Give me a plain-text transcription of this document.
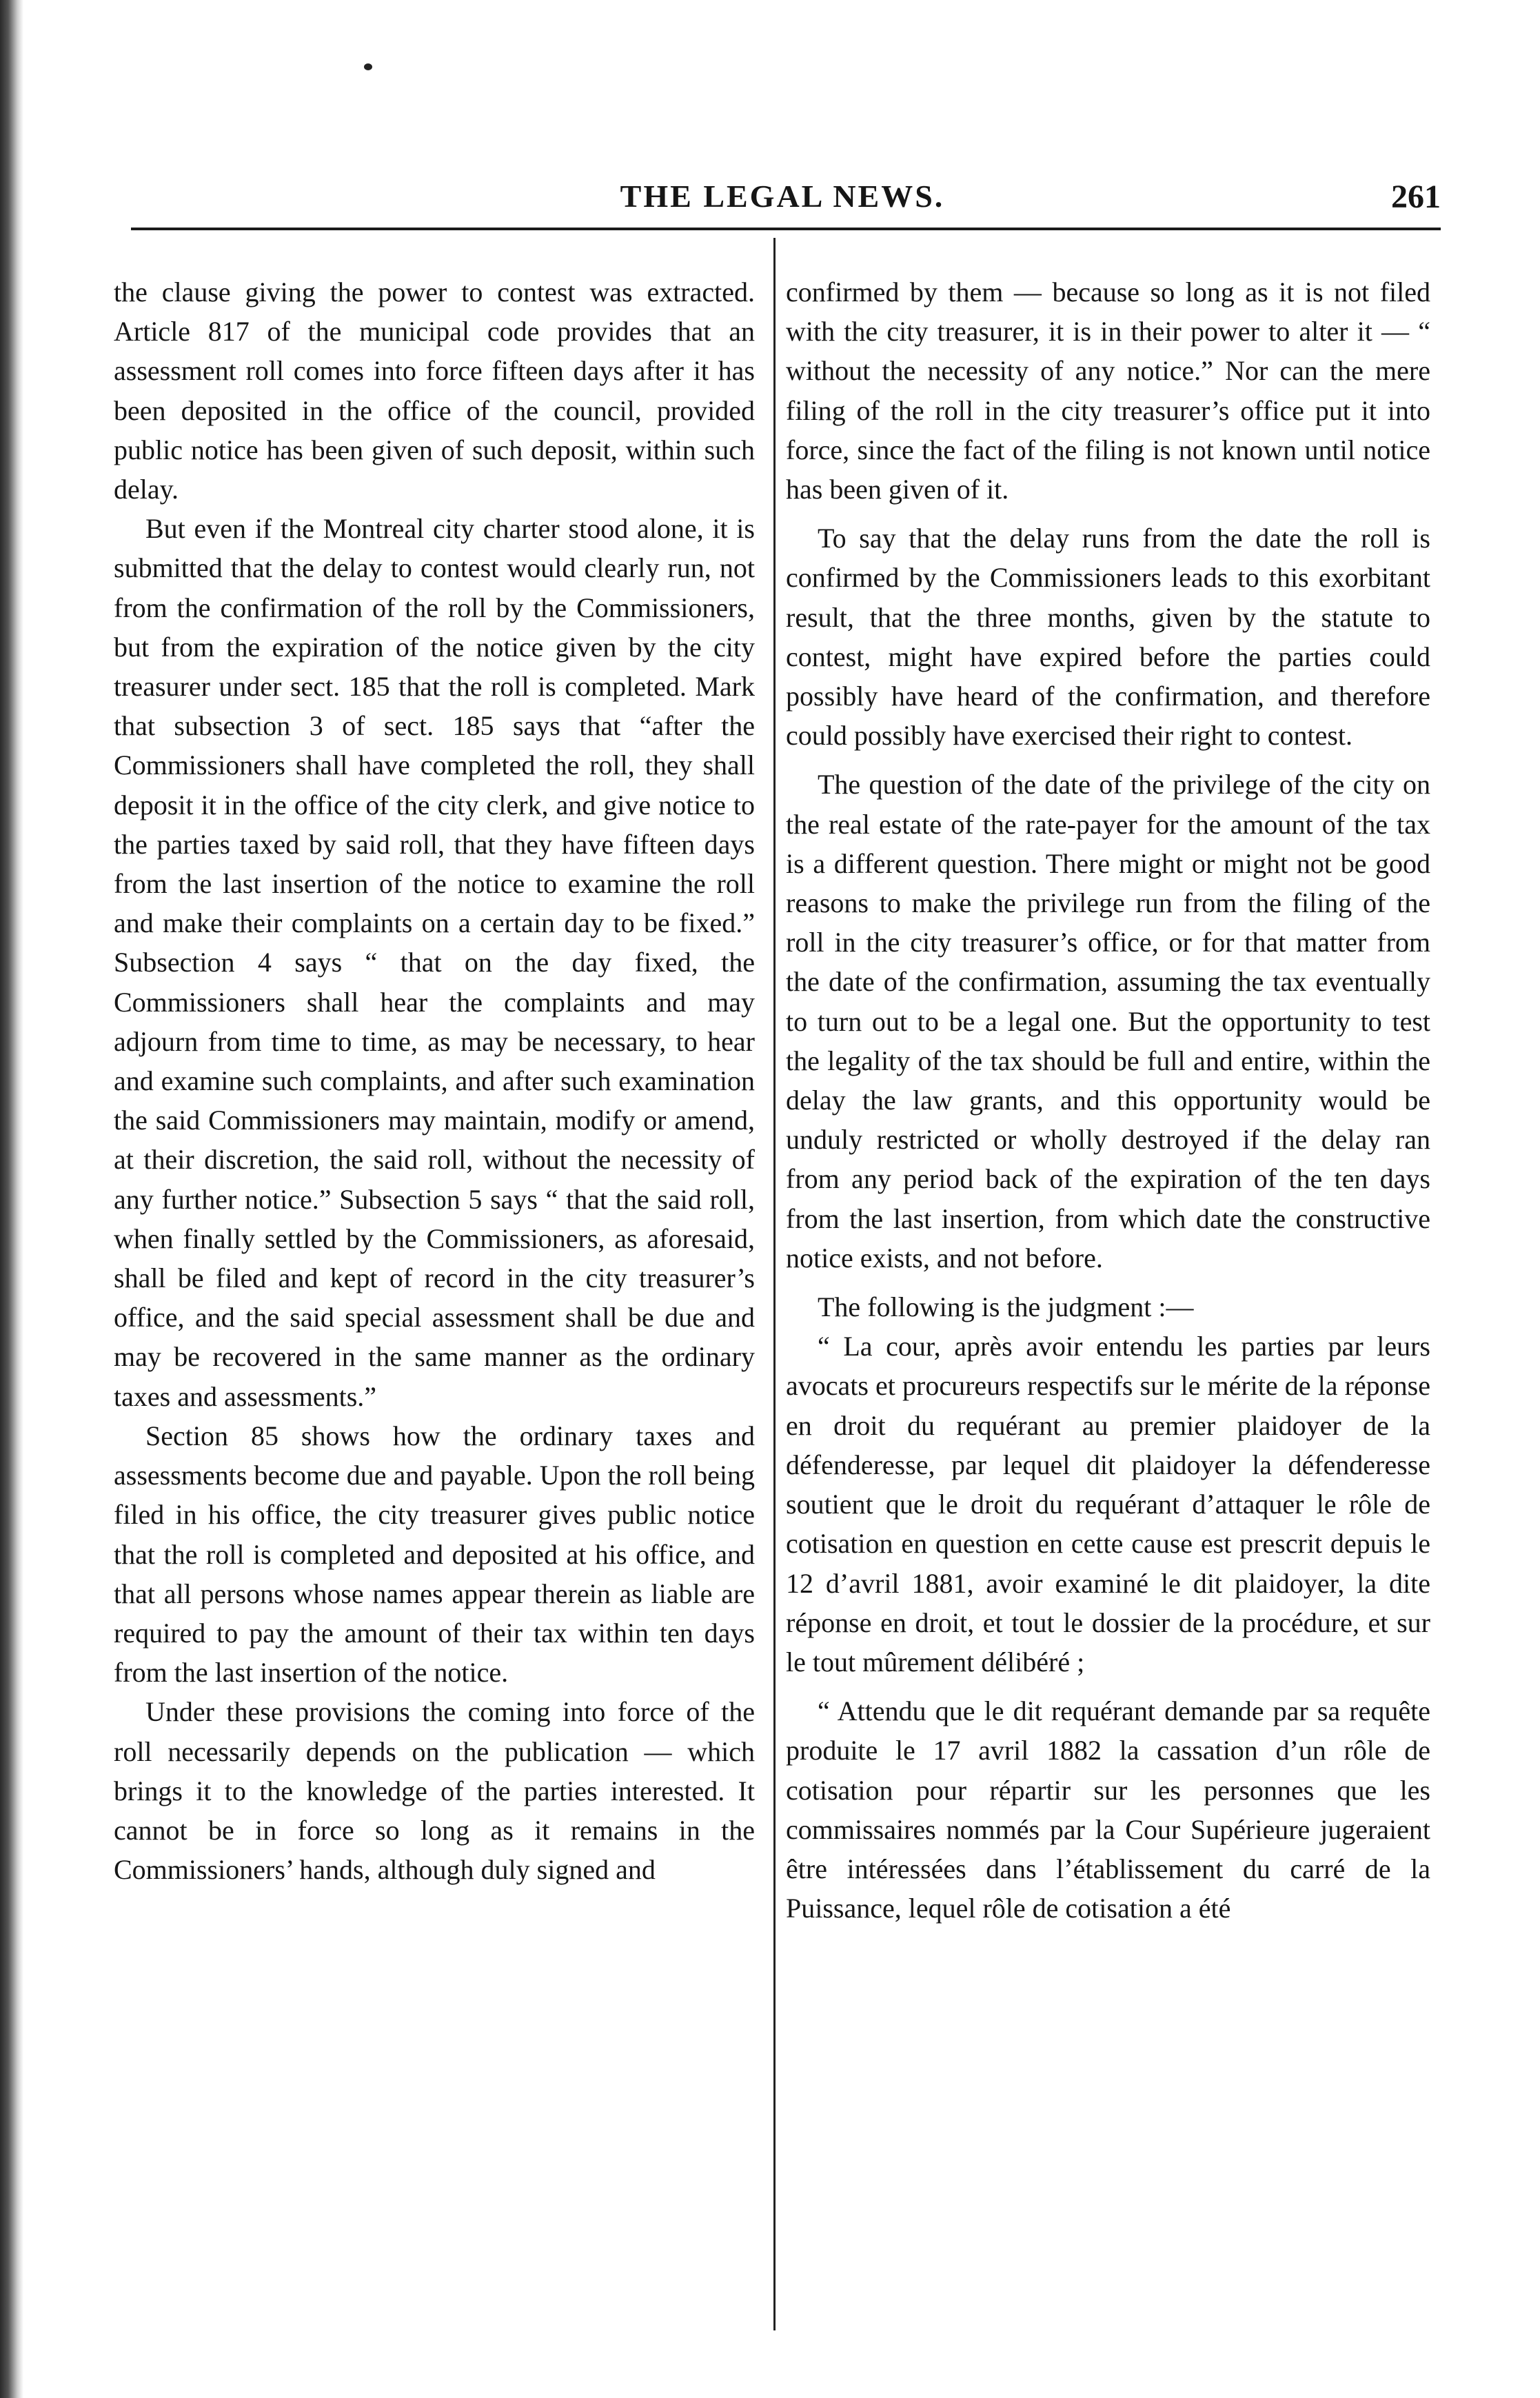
THE LEGAL NEWS.	261

the clause giving the power to contest was extracted. Article 817 of the municipal code provides that an assessment roll comes into force fifteen days after it has been deposited in the office of the council, provided public notice has been given of such deposit, within such delay.

But even if the Montreal city charter stood alone, it is submitted that the delay to contest would clearly run, not from the confirmation of the roll by the Commissioners, but from the expiration of the notice given by the city treasurer under sect. 185 that the roll is completed. Mark that subsection 3 of sect. 185 says that “after the Commissioners shall have completed the roll, they shall deposit it in the office of the city clerk, and give notice to the parties taxed by said roll, that they have fifteen days from the last insertion of the notice to examine the roll and make their complaints on a certain day to be fixed.” Subsection 4 says “ that on the day fixed, the Commissioners shall hear the complaints and may adjourn from time to time, as may be necessary, to hear and examine such complaints, and after such examination the said Commissioners may maintain, modify or amend, at their discretion, the said roll, without the necessity of any further notice.” Subsection 5 says “ that the said roll, when finally settled by the Commissioners, as aforesaid, shall be filed and kept of record in the city treasurer’s office, and the said special assessment shall be due and may be recovered in the same manner as the ordinary taxes and assessments.”

Section 85 shows how the ordinary taxes and assessments become due and payable. Upon the roll being filed in his office, the city treasurer gives public notice that the roll is completed and deposited at his office, and that all persons whose names appear therein as liable are required to pay the amount of their tax within ten days from the last insertion of the notice.

Under these provisions the coming into force of the roll necessarily depends on the publication — which brings it to the knowledge of the parties interested. It cannot be in force so long as it remains in the Commissioners’ hands, although duly signed and

confirmed by them — because so long as it is not filed with the city treasurer, it is in their power to alter it — “ without the necessity of any notice.” Nor can the mere filing of the roll in the city treasurer’s office put it into force, since the fact of the filing is not known until notice has been given of it.

To say that the delay runs from the date the roll is confirmed by the Commissioners leads to this exorbitant result, that the three months, given by the statute to contest, might have expired before the parties could possibly have heard of the confirmation, and therefore could possibly have exercised their right to contest.

The question of the date of the privilege of the city on the real estate of the rate-payer for the amount of the tax is a different question. There might or might not be good reasons to make the privilege run from the filing of the roll in the city treasurer’s office, or for that matter from the date of the confirmation, assuming the tax eventually to turn out to be a legal one. But the opportunity to test the legality of the tax should be full and entire, within the delay the law grants, and this opportunity would be unduly restricted or wholly destroyed if the delay ran from any period back of the expiration of the ten days from the last insertion, from which date the constructive notice exists, and not before.

The following is the judgment :—

“ La cour, après avoir entendu les parties par leurs avocats et procureurs respectifs sur le mérite de la réponse en droit du requérant au premier plaidoyer de la défenderesse, par lequel dit plaidoyer la défenderesse soutient que le droit du requérant d’attaquer le rôle de cotisation en question en cette cause est prescrit depuis le 12 d’avril 1881, avoir examiné le dit plaidoyer, la dite réponse en droit, et tout le dossier de la procédure, et sur le tout mûrement délibéré ;

“ Attendu que le dit requérant demande par sa requête produite le 17 avril 1882 la cassation d’un rôle de cotisation pour répartir sur les personnes que les commissaires nommés par la Cour Supérieure jugeraient être intéressées dans l’établissement du carré de la Puissance, lequel rôle de cotisation a été
